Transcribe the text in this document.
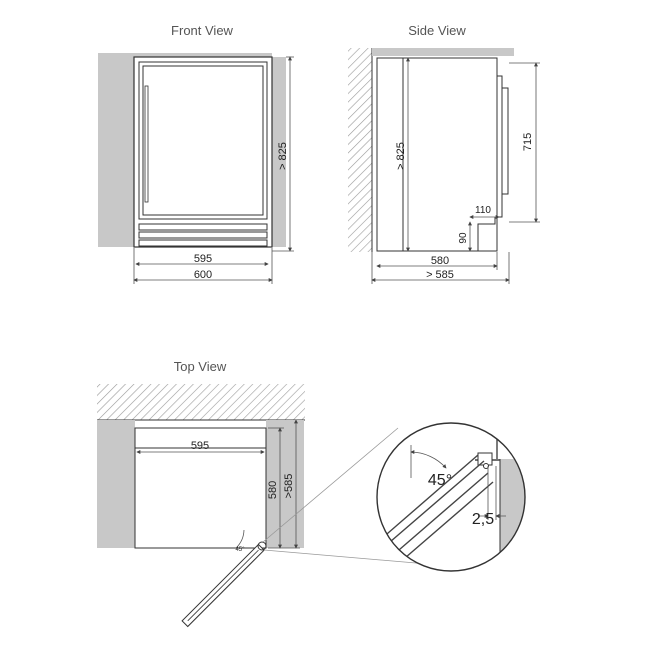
Front View
> 825
595
600
Side View
> 825
715
110
90
580
> 585
Top View
595
580 >585
45°
45°
2,5
